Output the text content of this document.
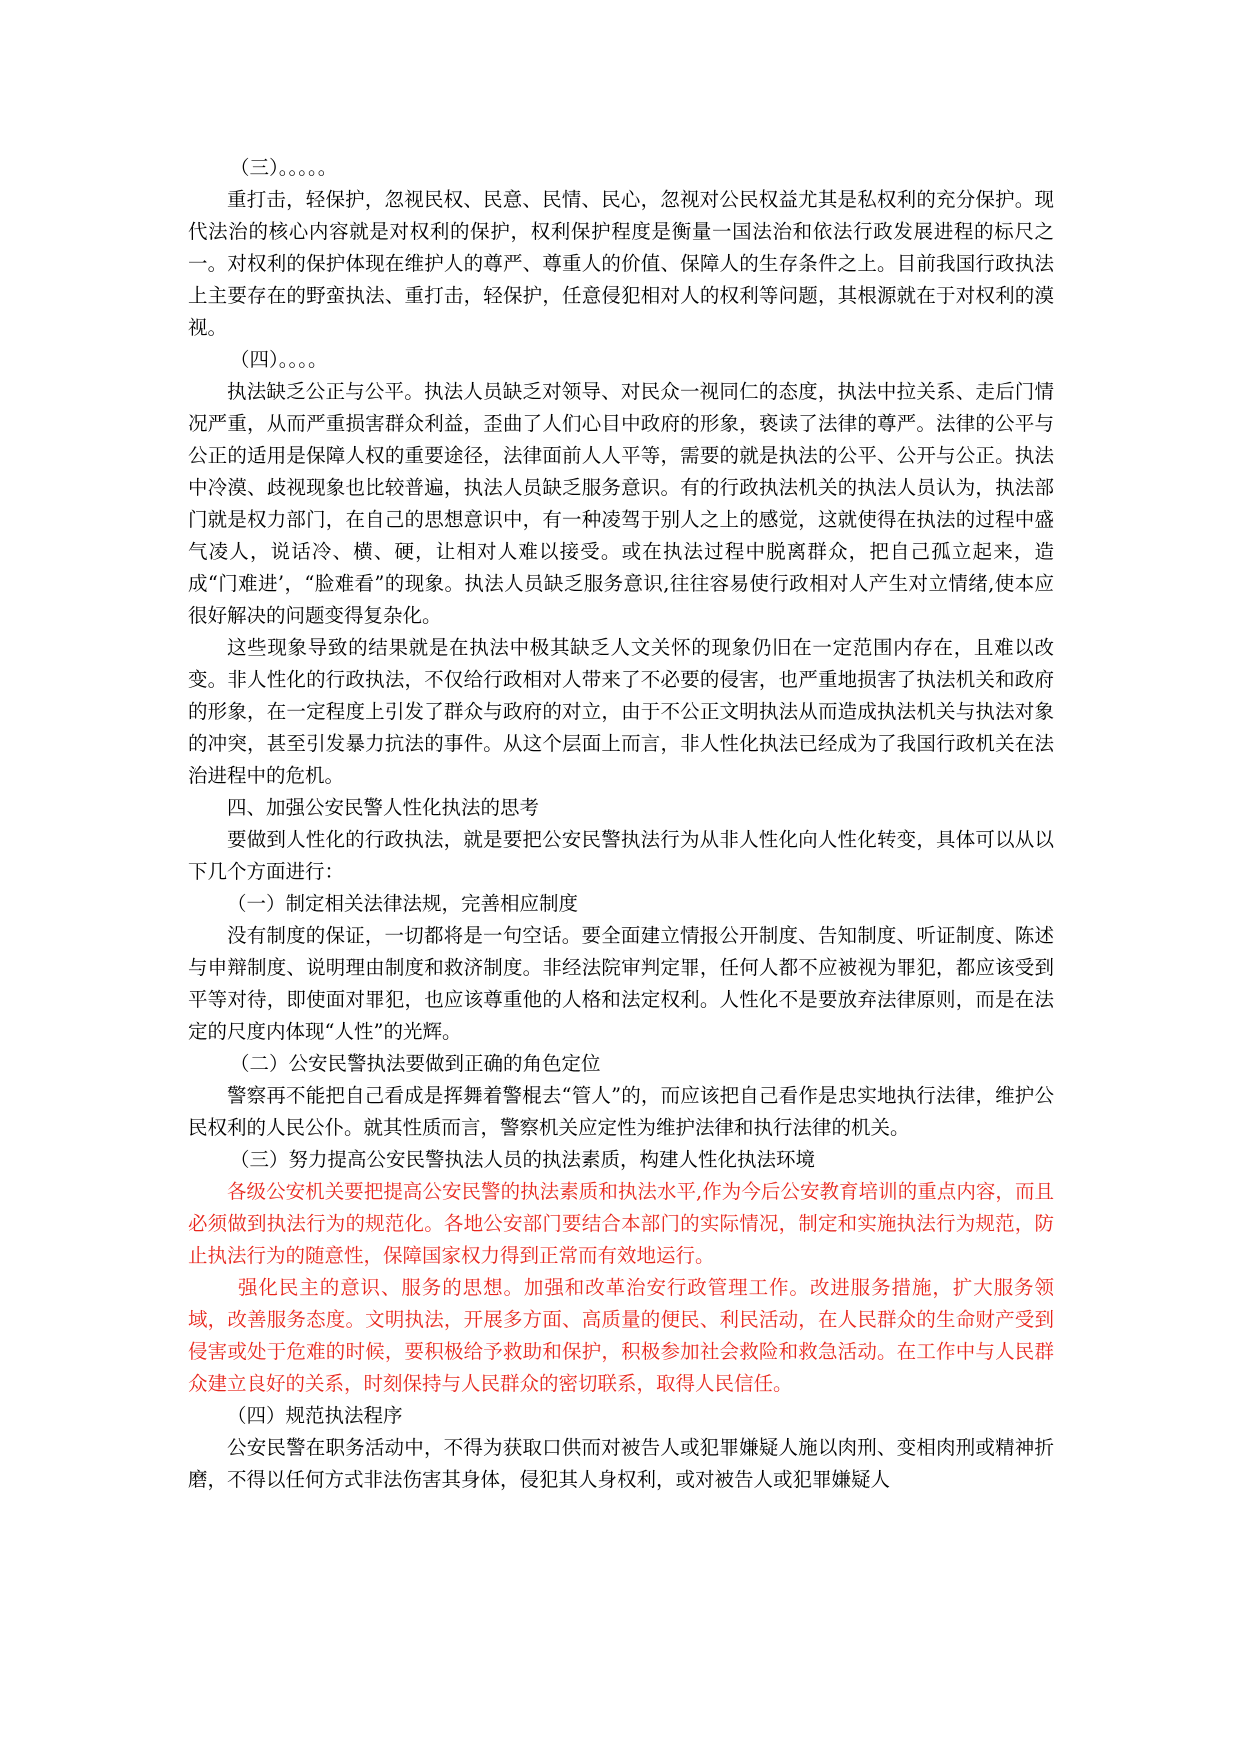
（三）。。。。。

重打击，轻保护，忽视民权、民意、民情、民心，忽视对公民权益尤其是私权利的充分保护。现代法治的核心内容就是对权利的保护，权利保护程度是衡量一国法治和依法行政发展进程的标尺之一。对权利的保护体现在维护人的尊严、尊重人的价值、保障人的生存条件之上。目前我国行政执法上主要存在的野蛮执法、重打击，轻保护，任意侵犯相对人的权利等问题，其根源就在于对权利的漠视。

（四）。。。。

执法缺乏公正与公平。执法人员缺乏对领导、对民众一视同仁的态度，执法中拉关系、走后门情况严重，从而严重损害群众利益，歪曲了人们心目中政府的形象，亵读了法律的尊严。法律的公平与公正的适用是保障人权的重要途径，法律面前人人平等，需要的就是执法的公平、公开与公正。执法中冷漠、歧视现象也比较普遍，执法人员缺乏服务意识。有的行政执法机关的执法人员认为，执法部门就是权力部门，在自己的思想意识中，有一种凌驾于别人之上的感觉，这就使得在执法的过程中盛气凌人，说话冷、横、硬，让相对人难以接受。或在执法过程中脱离群众，把自己孤立起来，造成“门难进’，“脸难看”的现象。执法人员缺乏服务意识,往往容易使行政相对人产生对立情绪,使本应很好解决的问题变得复杂化。

这些现象导致的结果就是在执法中极其缺乏人文关怀的现象仍旧在一定范围内存在，且难以改变。非人性化的行政执法，不仅给行政相对人带来了不必要的侵害，也严重地损害了执法机关和政府的形象，在一定程度上引发了群众与政府的对立，由于不公正文明执法从而造成执法机关与执法对象的冲突，甚至引发暴力抗法的事件。从这个层面上而言，非人性化执法已经成为了我国行政机关在法治进程中的危机。

四、加强公安民警人性化执法的思考

要做到人性化的行政执法，就是要把公安民警执法行为从非人性化向人性化转变，具体可以从以下几个方面进行：

（一）制定相关法律法规，完善相应制度

没有制度的保证，一切都将是一句空话。要全面建立情报公开制度、告知制度、听证制度、陈述与申辩制度、说明理由制度和救济制度。非经法院审判定罪，任何人都不应被视为罪犯，都应该受到平等对待，即使面对罪犯，也应该尊重他的人格和法定权利。人性化不是要放弃法律原则，而是在法定的尺度内体现“人性”的光辉。

（二）公安民警执法要做到正确的角色定位

警察再不能把自己看成是挥舞着警棍去“管人”的，而应该把自己看作是忠实地执行法律，维护公民权利的人民公仆。就其性质而言，警察机关应定性为维护法律和执行法律的机关。

（三）努力提高公安民警执法人员的执法素质，构建人性化执法环境

各级公安机关要把提高公安民警的执法素质和执法水平,作为今后公安教育培训的重点内容，而且必须做到执法行为的规范化。各地公安部门要结合本部门的实际情况，制定和实施执法行为规范，防止执法行为的随意性，保障国家权力得到正常而有效地运行。

强化民主的意识、服务的思想。加强和改革治安行政管理工作。改进服务措施，扩大服务领域，改善服务态度。文明执法，开展多方面、高质量的便民、利民活动，在人民群众的生命财产受到侵害或处于危难的时候，要积极给予救助和保护，积极参加社会救险和救急活动。在工作中与人民群众建立良好的关系，时刻保持与人民群众的密切联系，取得人民信任。

（四）规范执法程序

公安民警在职务活动中，不得为获取口供而对被告人或犯罪嫌疑人施以肉刑、变相肉刑或精神折磨，不得以任何方式非法伤害其身体，侵犯其人身权利，或对被告人或犯罪嫌疑人
